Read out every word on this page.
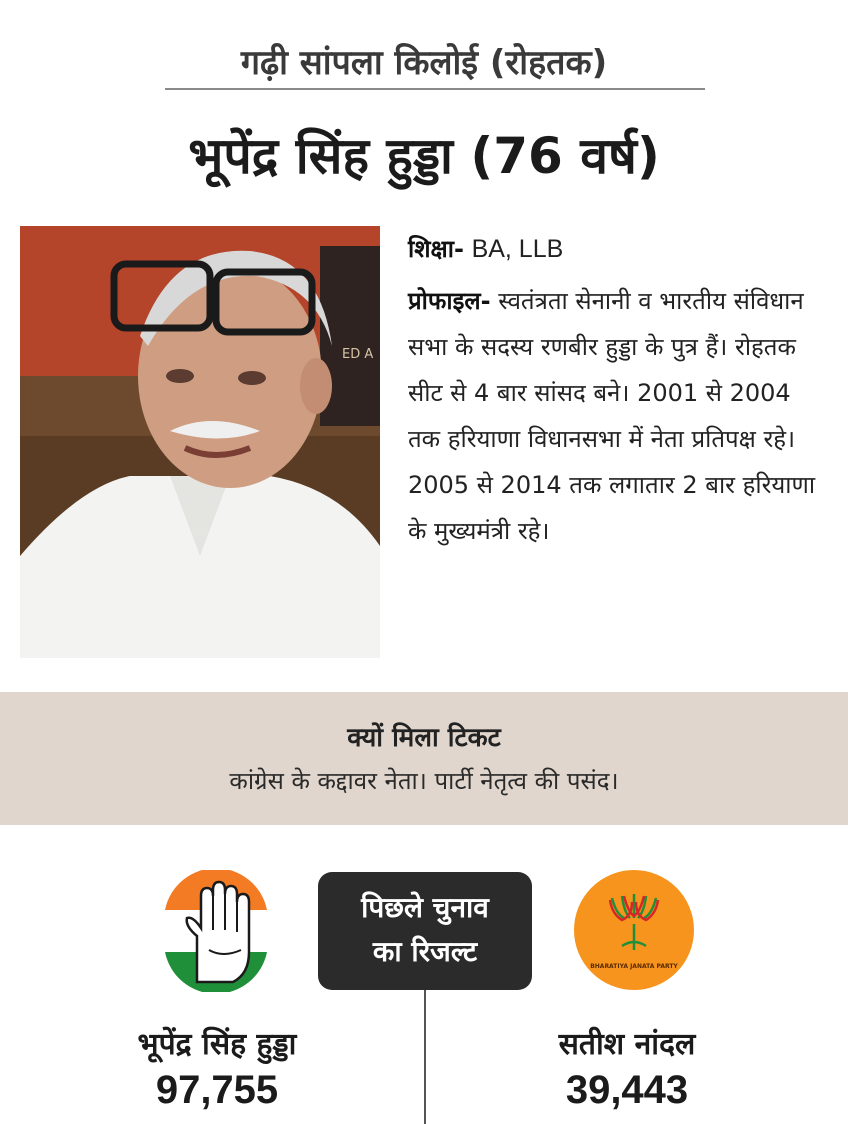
गढ़ी सांपला किलोई (रोहतक)
भूपेंद्र सिंह हुड्डा (76 वर्ष)
ED A
शिक्षा- BA, LLB
प्रोफाइल- स्वतंत्रता सेनानी व भारतीय संविधान सभा के सदस्य रणबीर हुड्डा के पुत्र हैं। रोहतक सीट से 4 बार सांसद बने। 2001 से 2004 तक हरियाणा विधानसभा में नेता प्रतिपक्ष रहे। 2005 से 2014 तक लगातार 2 बार हरियाणा के मुख्यमंत्री रहे।
क्यों मिला टिकट
कांग्रेस के कद्दावर नेता। पार्टी नेतृत्व की पसंद।
पिछले चुनाव
का रिजल्ट	BHARATIYA JANATA PARTY
भूपेंद्र सिंह हुड्डा
97,755
सतीश नांदल
39,443
